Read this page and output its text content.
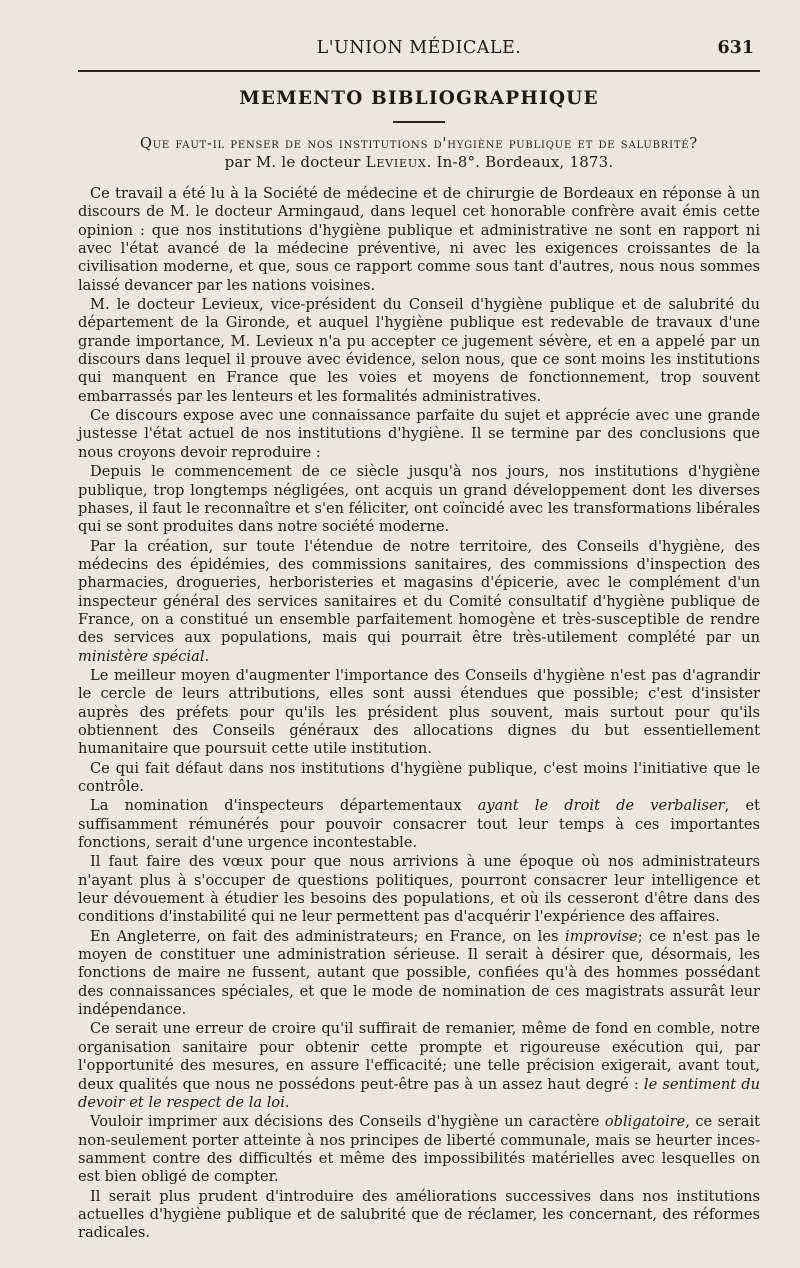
L'UNION MÉDICALE.	631
MEMENTO BIBLIOGRAPHIQUE
Que faut-il penser de nos institutions d'hygiène publique et de salubrité?
par M. le docteur Levieux. In-8°. Bordeaux, 1873.

Ce travail a été lu à la Société de médecine et de chirurgie de Bordeaux en réponse à un discours de M. le docteur Armingaud, dans lequel cet honorable confrère avait émis cette opinion : que nos institutions d'hygiène publique et administrative ne sont en rapport ni avec l'état avancé de la médecine préventive, ni avec les exigences croissantes de la civilisation moderne, et que, sous ce rapport comme sous tant d'autres, nous nous sommes laissé devancer par les nations voisines.

M. le docteur Levieux, vice-président du Conseil d'hygiène publique et de salubrité du département de la Gironde, et auquel l'hygiène publique est redevable de travaux d'une grande importance, M. Levieux n'a pu accepter ce jugement sévère, et en a appelé par un discours dans lequel il prouve avec évidence, selon nous, que ce sont moins les institutions qui manquent en France que les voies et moyens de fonctionnement, trop souvent embarrassés par les lenteurs et les formalités administratives.

Ce discours expose avec une connaissance parfaite du sujet et apprécie avec une grande justesse l'état actuel de nos institutions d'hygiène. Il se termine par des conclusions que nous croyons devoir reproduire :

Depuis le commencement de ce siècle jusqu'à nos jours, nos institutions d'hygiène publique, trop longtemps négligées, ont acquis un grand développement dont les diverses phases, il faut le reconnaître et s'en féliciter, ont coïncidé avec les transformations libérales qui se sont produites dans notre société moderne.

Par la création, sur toute l'étendue de notre territoire, des Conseils d'hygiène, des médecins des épidémies, des commissions sanitaires, des commissions d'inspection des pharmacies, drogueries, herboristeries et magasins d'épicerie, avec le complément d'un inspecteur général des services sanitaires et du Comité consultatif d'hygiène publique de France, on a constitué un ensemble parfaitement homogène et très-susceptible de rendre des services aux populations, mais qui pourrait être très-utilement complété par un ministère spécial.

Le meilleur moyen d'augmenter l'importance des Conseils d'hygiène n'est pas d'agrandir le cercle de leurs attributions, elles sont aussi étendues que possible; c'est d'insister auprès des préfets pour qu'ils les président plus souvent, mais surtout pour qu'ils obtiennent des Conseils généraux des allocations dignes du but essentiellement humanitaire que poursuit cette utile institution.

Ce qui fait défaut dans nos institutions d'hygiène publique, c'est moins l'initiative que le contrôle.

La nomination d'inspecteurs départementaux ayant le droit de verbaliser, et suffisamment rémunérés pour pouvoir consacrer tout leur temps à ces importantes fonctions, serait d'une urgence incontestable.

Il faut faire des vœux pour que nous arrivions à une époque où nos administrateurs n'ayant plus à s'occuper de questions politiques, pourront consacrer leur intelligence et leur dévouement à étudier les besoins des populations, et où ils cesseront d'être dans des conditions d'instabilité qui ne leur permettent pas d'acquérir l'expérience des affaires.

En Angleterre, on fait des administrateurs; en France, on les improvise; ce n'est pas le moyen de constituer une administration sérieuse. Il serait à désirer que, désormais, les fonctions de maire ne fussent, autant que possible, confiées qu'à des hommes possédant des connaissances spéciales, et que le mode de nomination de ces magistrats assurât leur indépendance.

Ce serait une erreur de croire qu'il suffirait de remanier, même de fond en comble, notre organisation sanitaire pour obtenir cette prompte et rigoureuse exécution qui, par l'opportunité des mesures, en assure l'efficacité; une telle précision exigerait, avant tout, deux qualités que nous ne possédons peut-être pas à un assez haut degré : le sentiment du devoir et le respect de la loi.

Vouloir imprimer aux décisions des Conseils d'hygiène un caractère obligatoire, ce serait non-seulement porter atteinte à nos principes de liberté communale, mais se heurter incessamment contre des difficultés et même des impossibilités matérielles avec lesquelles on est bien obligé de compter.

Il serait plus prudent d'introduire des améliorations successives dans nos institutions actuelles d'hygiène publique et de salubrité que de réclamer, les concernant, des réformes radicales.
